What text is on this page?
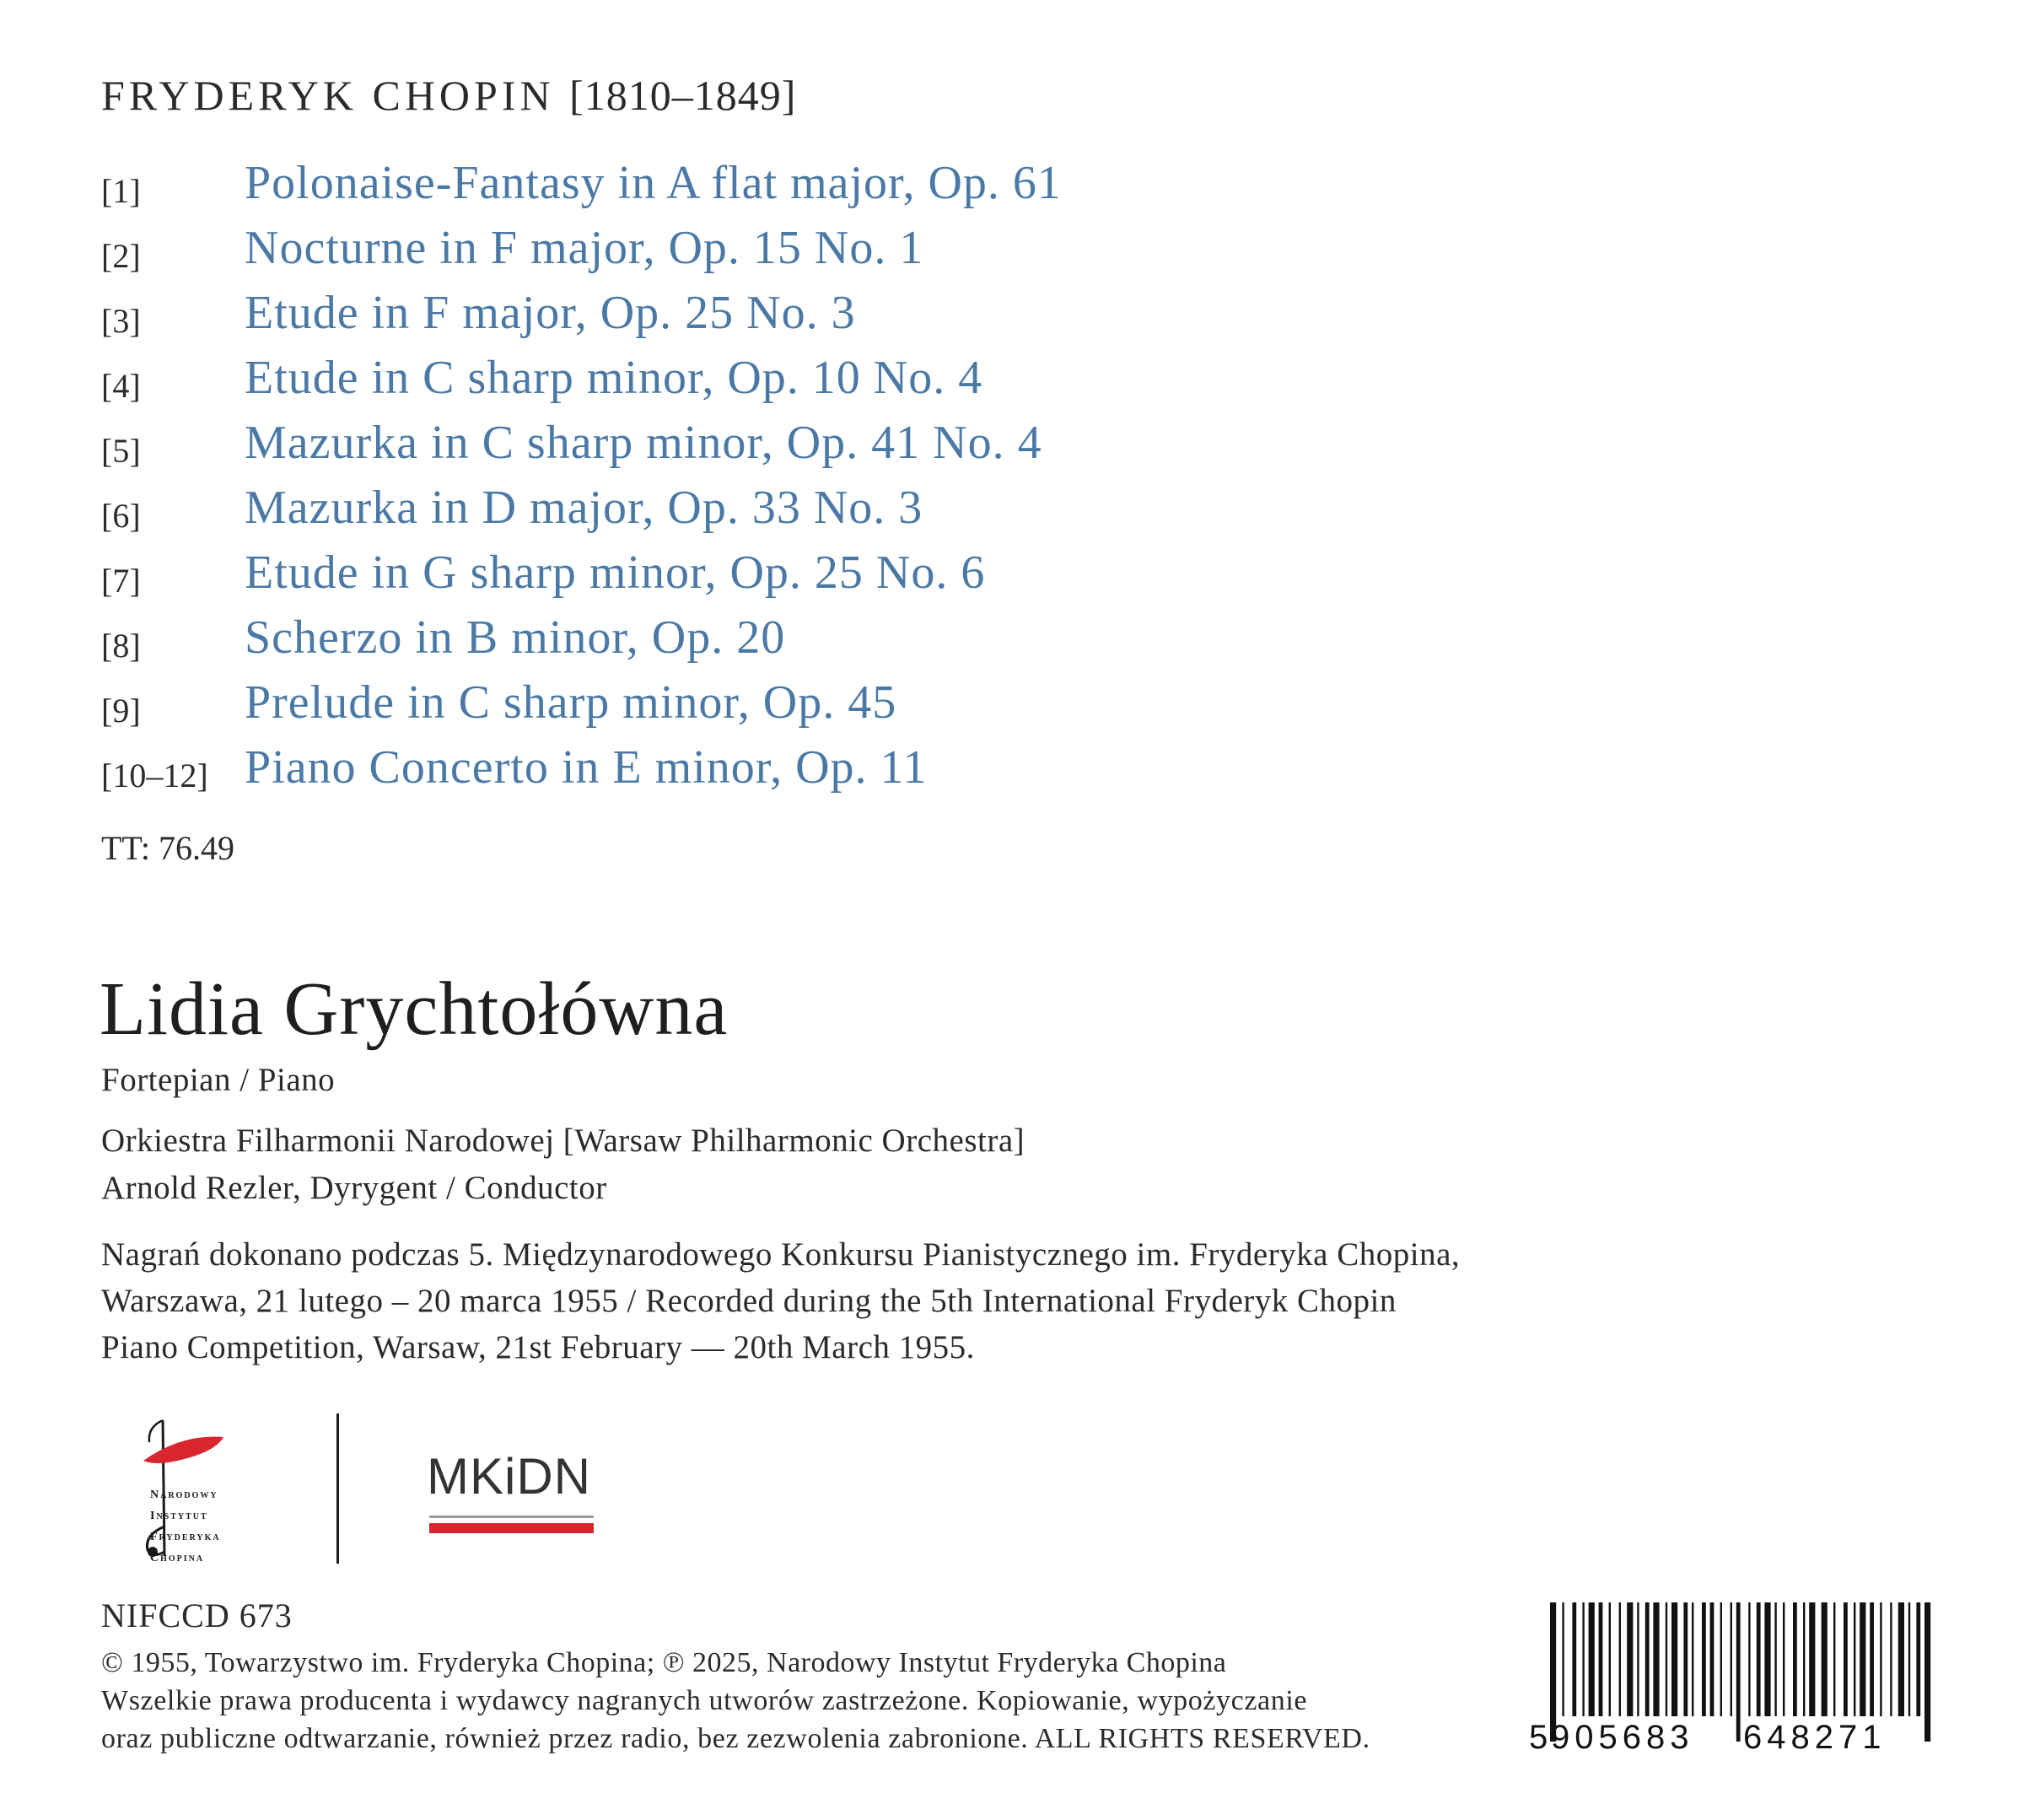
FRYDERYK CHOPIN [1810–1849]
[1] Polonaise-Fantasy in A flat major, Op. 61
[2] Nocturne in F major, Op. 15 No. 1
[3] Etude in F major, Op. 25 No. 3
[4] Etude in C sharp minor, Op. 10 No. 4
[5] Mazurka in C sharp minor, Op. 41 No. 4
[6] Mazurka in D major, Op. 33 No. 3
[7] Etude in G sharp minor, Op. 25 No. 6
[8] Scherzo in B minor, Op. 20
[9] Prelude in C sharp minor, Op. 45
[10–12] Piano Concerto in E minor, Op. 11
TT: 76.49
Lidia Grychtołówna
Fortepian / Piano
Orkiestra Filharmonii Narodowej [Warsaw Philharmonic Orchestra]
Arnold Rezler, Dyrygent / Conductor
Nagrań dokonano podczas 5. Międzynarodowego Konkursu Pianistycznego im. Fryderyka Chopina,
Warszawa, 21 lutego – 20 marca 1955 / Recorded during the 5th International Fryderyk Chopin
Piano Competition, Warsaw, 21st February — 20th March 1955.
Narodowy
Instytut
Fryderyka
Chopina
MKiDN
NIFCCD 673
© 1955, Towarzystwo im. Fryderyka Chopina; ℗ 2025, Narodowy Instytut Fryderyka Chopina
Wszelkie prawa producenta i wydawcy nagranych utworów zastrzeżone. Kopiowanie, wypożyczanie
oraz publiczne odtwarzanie, również przez radio, bez zezwolenia zabronione. ALL RIGHTS RESERVED.	5 905683 648271
